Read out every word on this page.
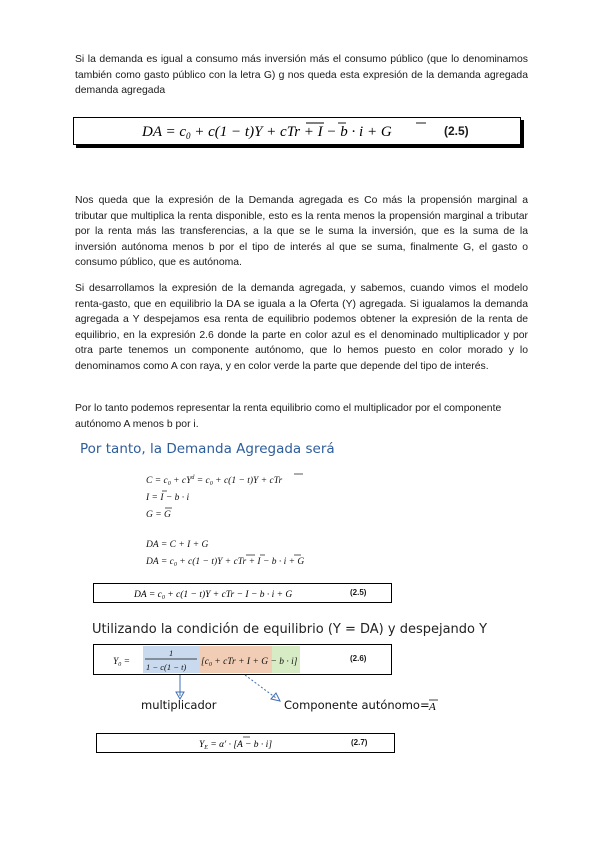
Si la demanda es igual a consumo más inversión más el consumo público (que lo denominamos también como gasto público con la letra G) g nos queda esta expresión de la demanda agregada demanda agregada
DA = $c_0 + c(1 - t)Y$ + cTr + I − b · i + G	(2.5)
Nos queda que la expresión de la Demanda agregada es Co más la propensión marginal a tributar que multiplica la renta disponible, esto es la renta menos la propensión marginal a tributar por la renta más las transferencias, a la que se le suma la inversión, que es la suma de la inversión autónoma menos b por el tipo de interés al que se suma, finalmente G, el gasto o consumo público, que es autónoma.
Si desarrollamos la expresión de la demanda agregada, y sabemos, cuando vimos el modelo renta-gasto, que en equilibrio la DA se iguala a la Oferta (Y) agregada. Si igualamos la demanda agregada a Y despejamos esa renta de equilibrio podemos obtener la expresión de la renta de equilibrio, en la expresión 2.6 donde la parte en color azul es el denominado multiplicador y por otra parte tenemos un componente autónomo, que lo hemos puesto en color morado y lo denominamos como A con raya, y en color verde la parte que depende del tipo de interés.
Por lo tanto podemos representar la renta equilibrio como el multiplicador por el componente autónomo A menos b por i.
Por tanto, la Demanda Agregada será
$C = c_0 + cY^d = c_0 + c(1 - t)Y$ + cTr
I = I − b · i
G = G
DA = C + I + G
DA = $c_0 + c(1 - t)Y$ + cTr + I − b · i + G
DA = $c_0 + c(1 - t)Y$ + cTr − I − b · i + G	(2.5)
Utilizando la condición de equilibrio (Y = DA) y despejando Y
$Y_0$ =
1
1 − c(1 − t) [$c_0$ + cTr + I + G − b · i]	(2.6)
multiplicador	Componente autónomo= A
$Y_E = \alpha' \cdot [A - b \cdot i]$	(2.7)
